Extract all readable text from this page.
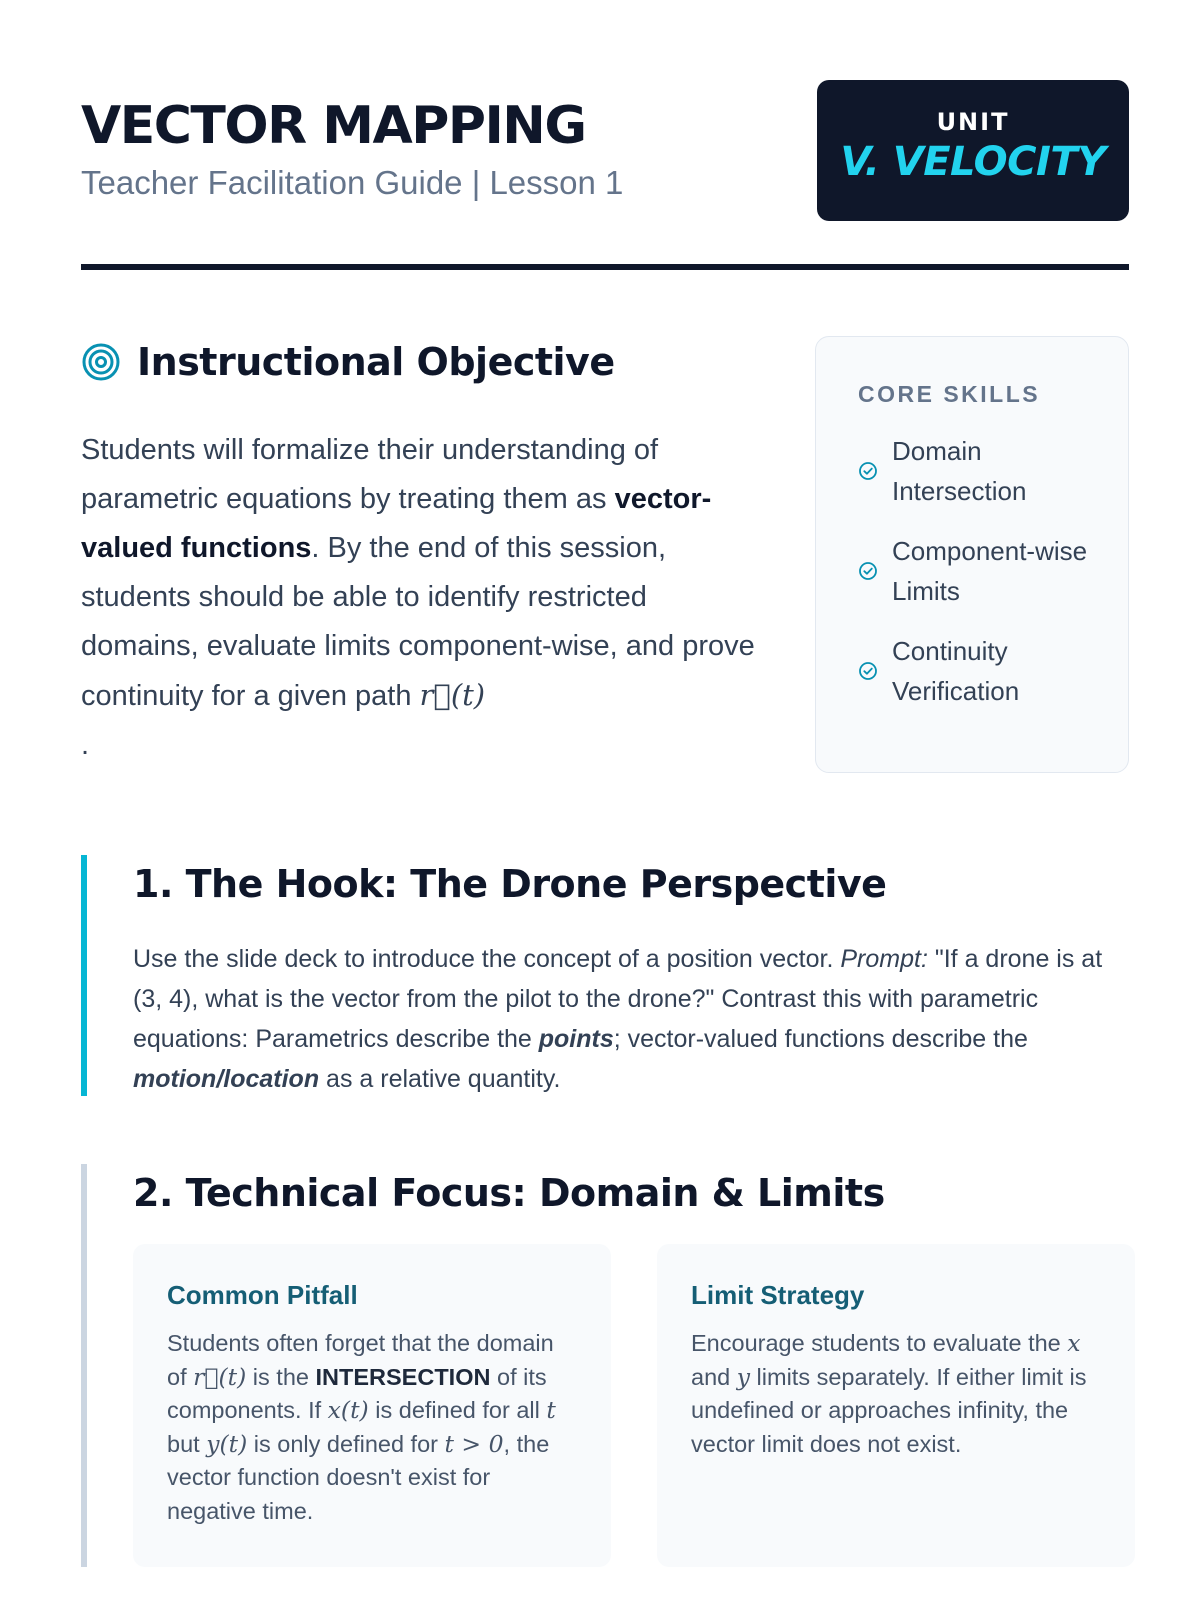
VECTOR MAPPING
Teacher Facilitation Guide | Lesson 1
UNIT
V. VELOCITY
Instructional Objective

Students will formalize their understanding of parametric equations by treating them as vector-valued functions. By the end of this session, students should be able to identify restricted domains, evaluate limits component-wise, and prove continuity for a given path r⃗(t)
.

CORE SKILLS
Domain Intersection
Component-wise Limits
Continuity Verification
1. The Hook: The Drone Perspective

Use the slide deck to introduce the concept of a position vector. Prompt: "If a drone is at (3, 4), what is the vector from the pilot to the drone?" Contrast this with parametric equations: Parametrics describe the points; vector-valued functions describe the motion/location as a relative quantity.

2. Technical Focus: Domain & Limits
Common Pitfall

Students often forget that the domain of r⃗(t) is the INTERSECTION of its components. If x(t) is defined for all t but y(t) is only defined for t > 0, the vector function doesn't exist for negative time.

Limit Strategy

Encourage students to evaluate the x and y limits separately. If either limit is undefined or approaches infinity, the vector limit does not exist.
